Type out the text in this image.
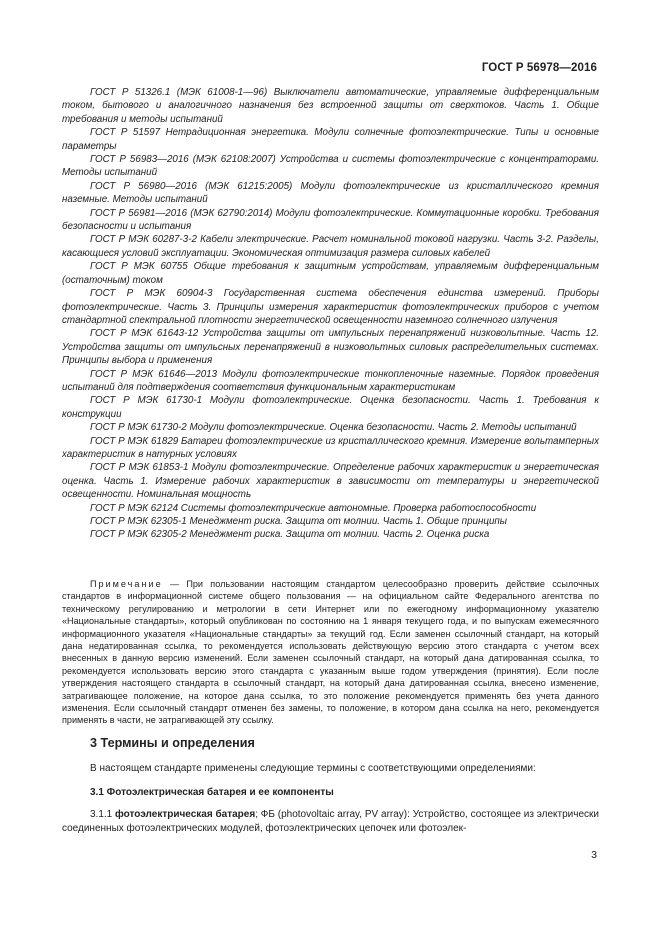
ГОСТ Р 56978—2016

ГОСТ Р 51326.1 (МЭК 61008-1—96) Выключатели автоматические, управляемые дифференциальным током, бытового и аналогичного назначения без встроенной защиты от сверхтоков. Часть 1. Общие требования и методы испытаний

ГОСТ Р 51597 Нетрадиционная энергетика. Модули солнечные фотоэлектрические. Типы и основные параметры

ГОСТ Р 56983—2016 (МЭК 62108:2007) Устройства и системы фотоэлектрические с концентраторами. Методы испытаний

ГОСТ Р 56980—2016 (МЭК 61215:2005) Модули фотоэлектрические из кристаллического кремния наземные. Методы испытаний

ГОСТ Р 56981—2016 (МЭК 62790:2014) Модули фотоэлектрические. Коммутационные коробки. Требования безопасности и испытания

ГОСТ Р МЭК 60287-3-2 Кабели электрические. Расчет номинальной токовой нагрузки. Часть 3-2. Разделы, касающиеся условий эксплуатации. Экономическая оптимизация размера силовых кабелей

ГОСТ Р МЭК 60755 Общие требования к защитным устройствам, управляемым дифференциальным (остаточным) током

ГОСТ Р МЭК 60904-3 Государственная система обеспечения единства измерений. Приборы фотоэлектрические. Часть 3. Принципы измерения характеристик фотоэлектрических приборов с учетом стандартной спектральной плотности энергетической освещенности наземного солнечного излучения

ГОСТ Р МЭК 61643-12 Устройства защиты от импульсных перенапряжений низковольтные. Часть 12. Устройства защиты от импульсных перенапряжений в низковольтных силовых распределительных системах. Принципы выбора и применения

ГОСТ Р МЭК 61646—2013 Модули фотоэлектрические тонкопленочные наземные. Порядок проведения испытаний для подтверждения соответствия функциональным характеристикам

ГОСТ Р МЭК 61730-1 Модули фотоэлектрические. Оценка безопасности. Часть 1. Требования к конструкции

ГОСТ Р МЭК 61730-2 Модули фотоэлектрические. Оценка безопасности. Часть 2. Методы испытаний

ГОСТ Р МЭК 61829 Батареи фотоэлектрические из кристаллического кремния. Измерение вольтамперных характеристик в натурных условиях

ГОСТ Р МЭК 61853-1 Модули фотоэлектрические. Определение рабочих характеристик и энергетическая оценка. Часть 1. Измерение рабочих характеристик в зависимости от температуры и энергетической освещенности. Номинальная мощность

ГОСТ Р МЭК 62124 Системы фотоэлектрические автономные. Проверка работоспособности

ГОСТ Р МЭК 62305-1 Менеджмент риска. Защита от молнии. Часть 1. Общие принципы

ГОСТ Р МЭК 62305-2 Менеджмент риска. Защита от молнии. Часть 2. Оценка риска

Примечание — При пользовании настоящим стандартом целесообразно проверить действие ссылочных стандартов в информационной системе общего пользования — на официальном сайте Федерального агентства по техническому регулированию и метрологии в сети Интернет или по ежегодному информационному указателю «Национальные стандарты», который опубликован по состоянию на 1 января текущего года, и по выпускам ежемесячного информационного указателя «Национальные стандарты» за текущий год. Если заменен ссылочный стандарт, на который дана недатированная ссылка, то рекомендуется использовать действующую версию этого стандарта с учетом всех внесенных в данную версию изменений. Если заменен ссылочный стандарт, на который дана датированная ссылка, то рекомендуется использовать версию этого стандарта с указанным выше годом утверждения (принятия). Если после утверждения настоящего стандарта в ссылочный стандарт, на который дана датированная ссылка, внесено изменение, затрагивающее положение, на которое дана ссылка, то это положение рекомендуется применять без учета данного изменения. Если ссылочный стандарт отменен без замены, то положение, в котором дана ссылка на него, рекомендуется применять в части, не затрагивающей эту ссылку.

3 Термины и определения

В настоящем стандарте применены следующие термины с соответствующими определениями:

3.1 Фотоэлектрическая батарея и ее компоненты

3.1.1 фотоэлектрическая батарея; ФБ (photovoltaic array, PV array): Устройство, состоящее из электрически соединенных фотоэлектрических модулей, фотоэлектрических цепочек или фотоэлек-

3
